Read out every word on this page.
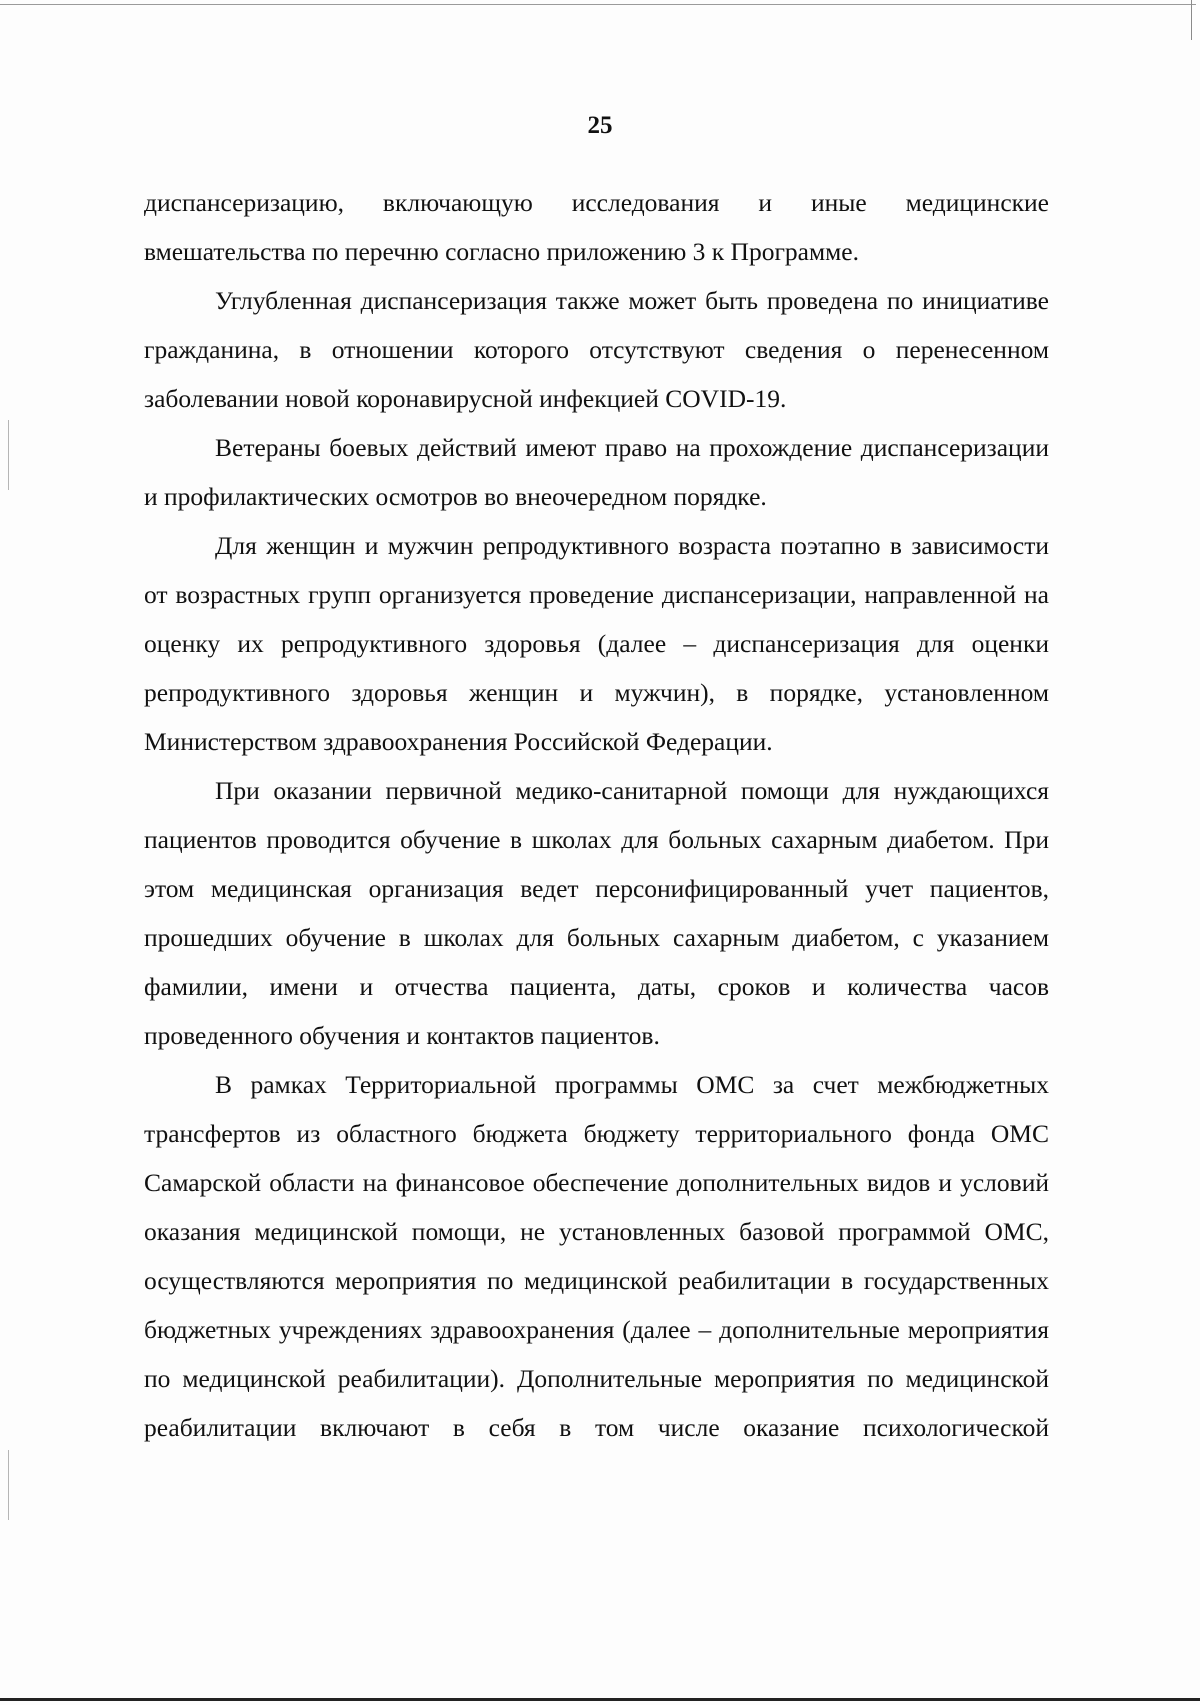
25

диспансеризацию, включающую исследования и иные медицинские вмешательства по перечню согласно приложению 3 к Программе.

Углубленная диспансеризация также может быть проведена по инициативе гражданина, в отношении которого отсутствуют сведения о перенесенном заболевании новой коронавирусной инфекцией COVID-19.

Ветераны боевых действий имеют право на прохождение диспансеризации и профилактических осмотров во внеочередном порядке.

Для женщин и мужчин репродуктивного возраста поэтапно в зависимости от возрастных групп организуется проведение диспансеризации, направленной на оценку их репродуктивного здоровья (далее – диспансеризация для оценки репродуктивного здоровья женщин и мужчин), в порядке, установленном Министерством здравоохранения Российской Федерации.

При оказании первичной медико-санитарной помощи для нуждающихся пациентов проводится обучение в школах для больных сахарным диабетом. При этом медицинская организация ведет персонифицированный учет пациентов, прошедших обучение в школах для больных сахарным диабетом, с указанием фамилии, имени и отчества пациента, даты, сроков и количества часов проведенного обучения и контактов пациентов.

В рамках Территориальной программы ОМС за счет межбюджетных трансфертов из областного бюджета бюджету территориального фонда ОМС Самарской области на финансовое обеспечение дополнительных видов и условий оказания медицинской помощи, не установленных базовой программой ОМС, осуществляются мероприятия по медицинской реабилитации в государственных бюджетных учреждениях здравоохранения (далее – дополнительные мероприятия по медицинской реабилитации). Дополнительные мероприятия по медицинской реабилитации включают в себя в том числе оказание психологической
